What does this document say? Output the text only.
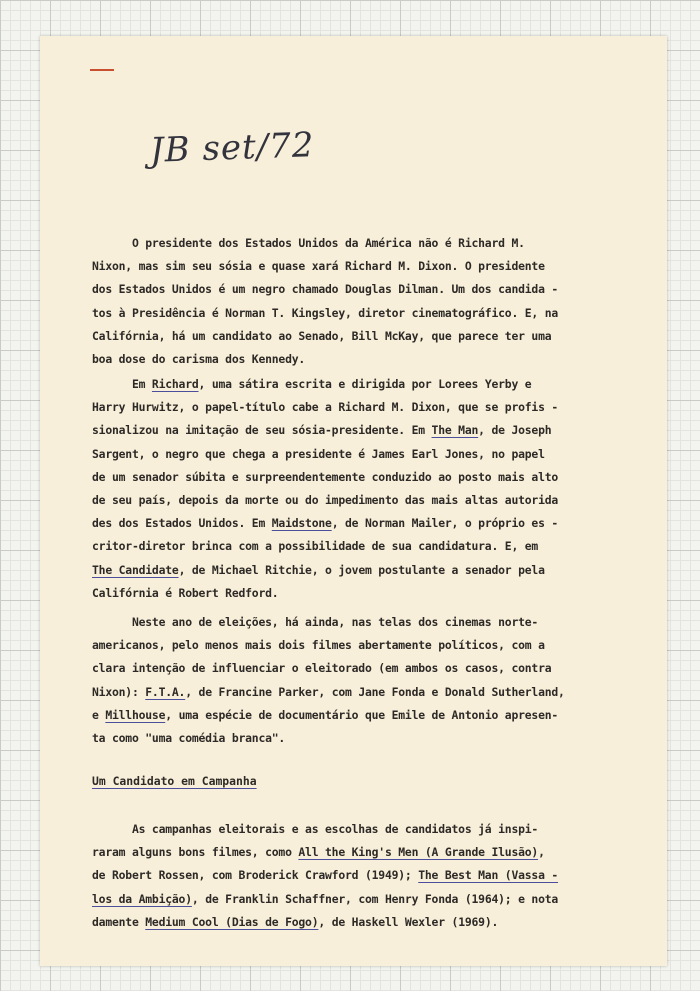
JB set/72
O presidente dos Estados Unidos da América não é Richard M.
Nixon, mas sim seu sósia e quase xará Richard M. Dixon. O presidente
dos Estados Unidos é um negro chamado Douglas Dilman. Um dos candida -
tos à Presidência é Norman T. Kingsley, diretor cinematográfico. E, na
Califórnia, há um candidato ao Senado, Bill McKay, que parece ter uma
boa dose do carisma dos Kennedy.
Em Richard, uma sátira escrita e dirigida por Lorees Yerby e
Harry Hurwitz, o papel-título cabe a Richard M. Dixon, que se profis -
sionalizou na imitação de seu sósia-presidente. Em The Man, de Joseph
Sargent, o negro que chega a presidente é James Earl Jones, no papel
de um senador súbita e surpreendentemente conduzido ao posto mais alto
de seu país, depois da morte ou do impedimento das mais altas autorida
des dos Estados Unidos. Em Maidstone, de Norman Mailer, o próprio es -
critor-diretor brinca com a possibilidade de sua candidatura. E, em
The Candidate, de Michael Ritchie, o jovem postulante a senador pela
Califórnia é Robert Redford.
Neste ano de eleições, há ainda, nas telas dos cinemas norte-
americanos, pelo menos mais dois filmes abertamente políticos, com a
clara intenção de influenciar o eleitorado (em ambos os casos, contra
Nixon): F.T.A., de Francine Parker, com Jane Fonda e Donald Sutherland,
e Millhouse, uma espécie de documentário que Emile de Antonio apresen-
ta como "uma comédia branca".
Um Candidato em Campanha
As campanhas eleitorais e as escolhas de candidatos já inspi-
raram alguns bons filmes, como All the King's Men (A Grande Ilusão),
de Robert Rossen, com Broderick Crawford (1949); The Best Man (Vassa -
los da Ambição), de Franklin Schaffner, com Henry Fonda (1964); e nota
damente Medium Cool (Dias de Fogo), de Haskell Wexler (1969).
